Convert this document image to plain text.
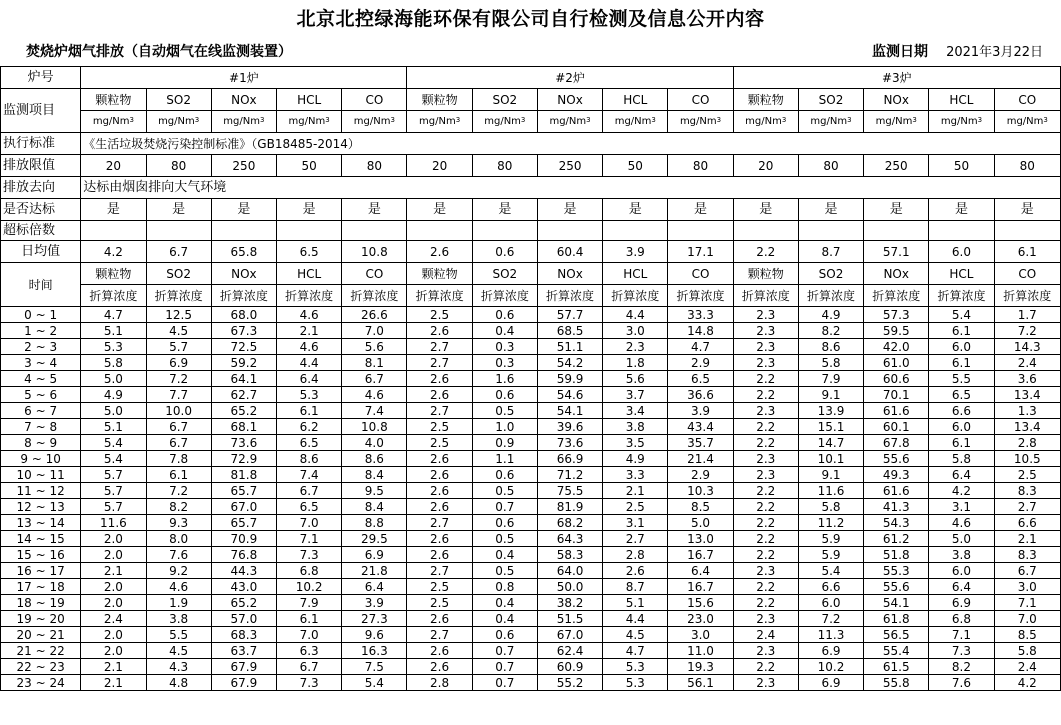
北京北控绿海能环保有限公司自行检测及信息公开内容
焚烧炉烟气排放（自动烟气在线监测装置）	监测日期 2021年3月22日
炉号	#1炉					#2炉					#3炉				
监测项目	颗粒物	SO2	NOx	HCL	CO	颗粒物	SO2	NOx	HCL	CO	颗粒物	SO2	NOx	HCL	CO
	mg/Nm$^3$	mg/Nm$^3$	mg/Nm$^3$	mg/Nm$^3$	mg/Nm$^3$	mg/Nm$^3$	mg/Nm$^3$	mg/Nm$^3$	mg/Nm$^3$	mg/Nm$^3$	mg/Nm$^3$	mg/Nm$^3$	mg/Nm$^3$	mg/Nm$^3$	mg/Nm$^3$
执行标准	《生活垃圾焚烧污染控制标准》（GB18485-2014）														
排放限值	20	80	250	50	80	20	80	250	50	80	20	80	250	50	80
排放去向	达标由烟囱排向大气环境														
是否达标	是	是	是	是	是	是	是	是	是	是	是	是	是	是	是
超标倍数															
日均值	4.2	6.7	65.8	6.5	10.8	2.6	0.6	60.4	3.9	17.1	2.2	8.7	57.1	6.0	6.1
时间	颗粒物	SO2	NOx	HCL	CO	颗粒物	SO2	NOx	HCL	CO	颗粒物	SO2	NOx	HCL	CO
	折算浓度	折算浓度	折算浓度	折算浓度	折算浓度	折算浓度	折算浓度	折算浓度	折算浓度	折算浓度	折算浓度	折算浓度	折算浓度	折算浓度	折算浓度
0 ~ 1	4.7	12.5	68.0	4.6	26.6	2.5	0.6	57.7	4.4	33.3	2.3	4.9	57.3	5.4	1.7
1 ~ 2	5.1	4.5	67.3	2.1	7.0	2.6	0.4	68.5	3.0	14.8	2.3	8.2	59.5	6.1	7.2
2 ~ 3	5.3	5.7	72.5	4.6	5.6	2.7	0.3	51.1	2.3	4.7	2.3	8.6	42.0	6.0	14.3
3 ~ 4	5.8	6.9	59.2	4.4	8.1	2.7	0.3	54.2	1.8	2.9	2.3	5.8	61.0	6.1	2.4
4 ~ 5	5.0	7.2	64.1	6.4	6.7	2.6	1.6	59.9	5.6	6.5	2.2	7.9	60.6	5.5	3.6
5 ~ 6	4.9	7.7	62.7	5.3	4.6	2.6	0.6	54.6	3.7	36.6	2.2	9.1	70.1	6.5	13.4
6 ~ 7	5.0	10.0	65.2	6.1	7.4	2.7	0.5	54.1	3.4	3.9	2.3	13.9	61.6	6.6	1.3
7 ~ 8	5.1	6.7	68.1	6.2	10.8	2.5	1.0	39.6	3.8	43.4	2.2	15.1	60.1	6.0	13.4
8 ~ 9	5.4	6.7	73.6	6.5	4.0	2.5	0.9	73.6	3.5	35.7	2.2	14.7	67.8	6.1	2.8
9 ~ 10	5.4	7.8	72.9	8.6	8.6	2.6	1.1	66.9	4.9	21.4	2.3	10.1	55.6	5.8	10.5
10 ~ 11	5.7	6.1	81.8	7.4	8.4	2.6	0.6	71.2	3.3	2.9	2.3	9.1	49.3	6.4	2.5
11 ~ 12	5.7	7.2	65.7	6.7	9.5	2.6	0.5	75.5	2.1	10.3	2.2	11.6	61.6	4.2	8.3
12 ~ 13	5.7	8.2	67.0	6.5	8.4	2.6	0.7	81.9	2.5	8.5	2.2	5.8	41.3	3.1	2.7
13 ~ 14	11.6	9.3	65.7	7.0	8.8	2.7	0.6	68.2	3.1	5.0	2.2	11.2	54.3	4.6	6.6
14 ~ 15	2.0	8.0	70.9	7.1	29.5	2.6	0.5	64.3	2.7	13.0	2.2	5.9	61.2	5.0	2.1
15 ~ 16	2.0	7.6	76.8	7.3	6.9	2.6	0.4	58.3	2.8	16.7	2.2	5.9	51.8	3.8	8.3
16 ~ 17	2.1	9.2	44.3	6.8	21.8	2.7	0.5	64.0	2.6	6.4	2.3	5.4	55.3	6.0	6.7
17 ~ 18	2.0	4.6	43.0	10.2	6.4	2.5	0.8	50.0	8.7	16.7	2.2	6.6	55.6	6.4	3.0
18 ~ 19	2.0	1.9	65.2	7.9	3.9	2.5	0.4	38.2	5.1	15.6	2.2	6.0	54.1	6.9	7.1
19 ~ 20	2.4	3.8	57.0	6.1	27.3	2.6	0.4	51.5	4.4	23.0	2.3	7.2	61.8	6.8	7.0
20 ~ 21	2.0	5.5	68.3	7.0	9.6	2.7	0.6	67.0	4.5	3.0	2.4	11.3	56.5	7.1	8.5
21 ~ 22	2.0	4.5	63.7	6.3	16.3	2.6	0.7	62.4	4.7	11.0	2.3	6.9	55.4	7.3	5.8
22 ~ 23	2.1	4.3	67.9	6.7	7.5	2.6	0.7	60.9	5.3	19.3	2.2	10.2	61.5	8.2	2.4
23 ~ 24	2.1	4.8	67.9	7.3	5.4	2.8	0.7	55.2	5.3	56.1	2.3	6.9	55.8	7.6	4.2
